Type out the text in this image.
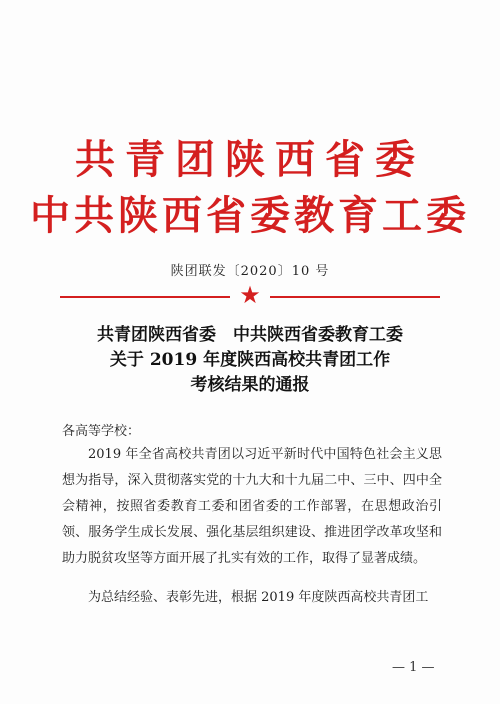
共青团陕西省委
中共陕西省委教育工委
陕团联发〔2020〕10 号
★
共青团陕西省委　中共陕西省委教育工委
关于 2019 年度陕西高校共青团工作
考核结果的通报
各高等学校：
2019 年全省高校共青团以习近平新时代中国特色社会主义思想为指导，深入贯彻落实党的十九大和十九届二中、三中、四中全会精神，按照省委教育工委和团省委的工作部署，在思想政治引领、服务学生成长发展、强化基层组织建设、推进团学改革攻坚和助力脱贫攻坚等方面开展了扎实有效的工作，取得了显著成绩。
为总结经验、表彰先进，根据 2019 年度陕西高校共青团工
— 1 —
